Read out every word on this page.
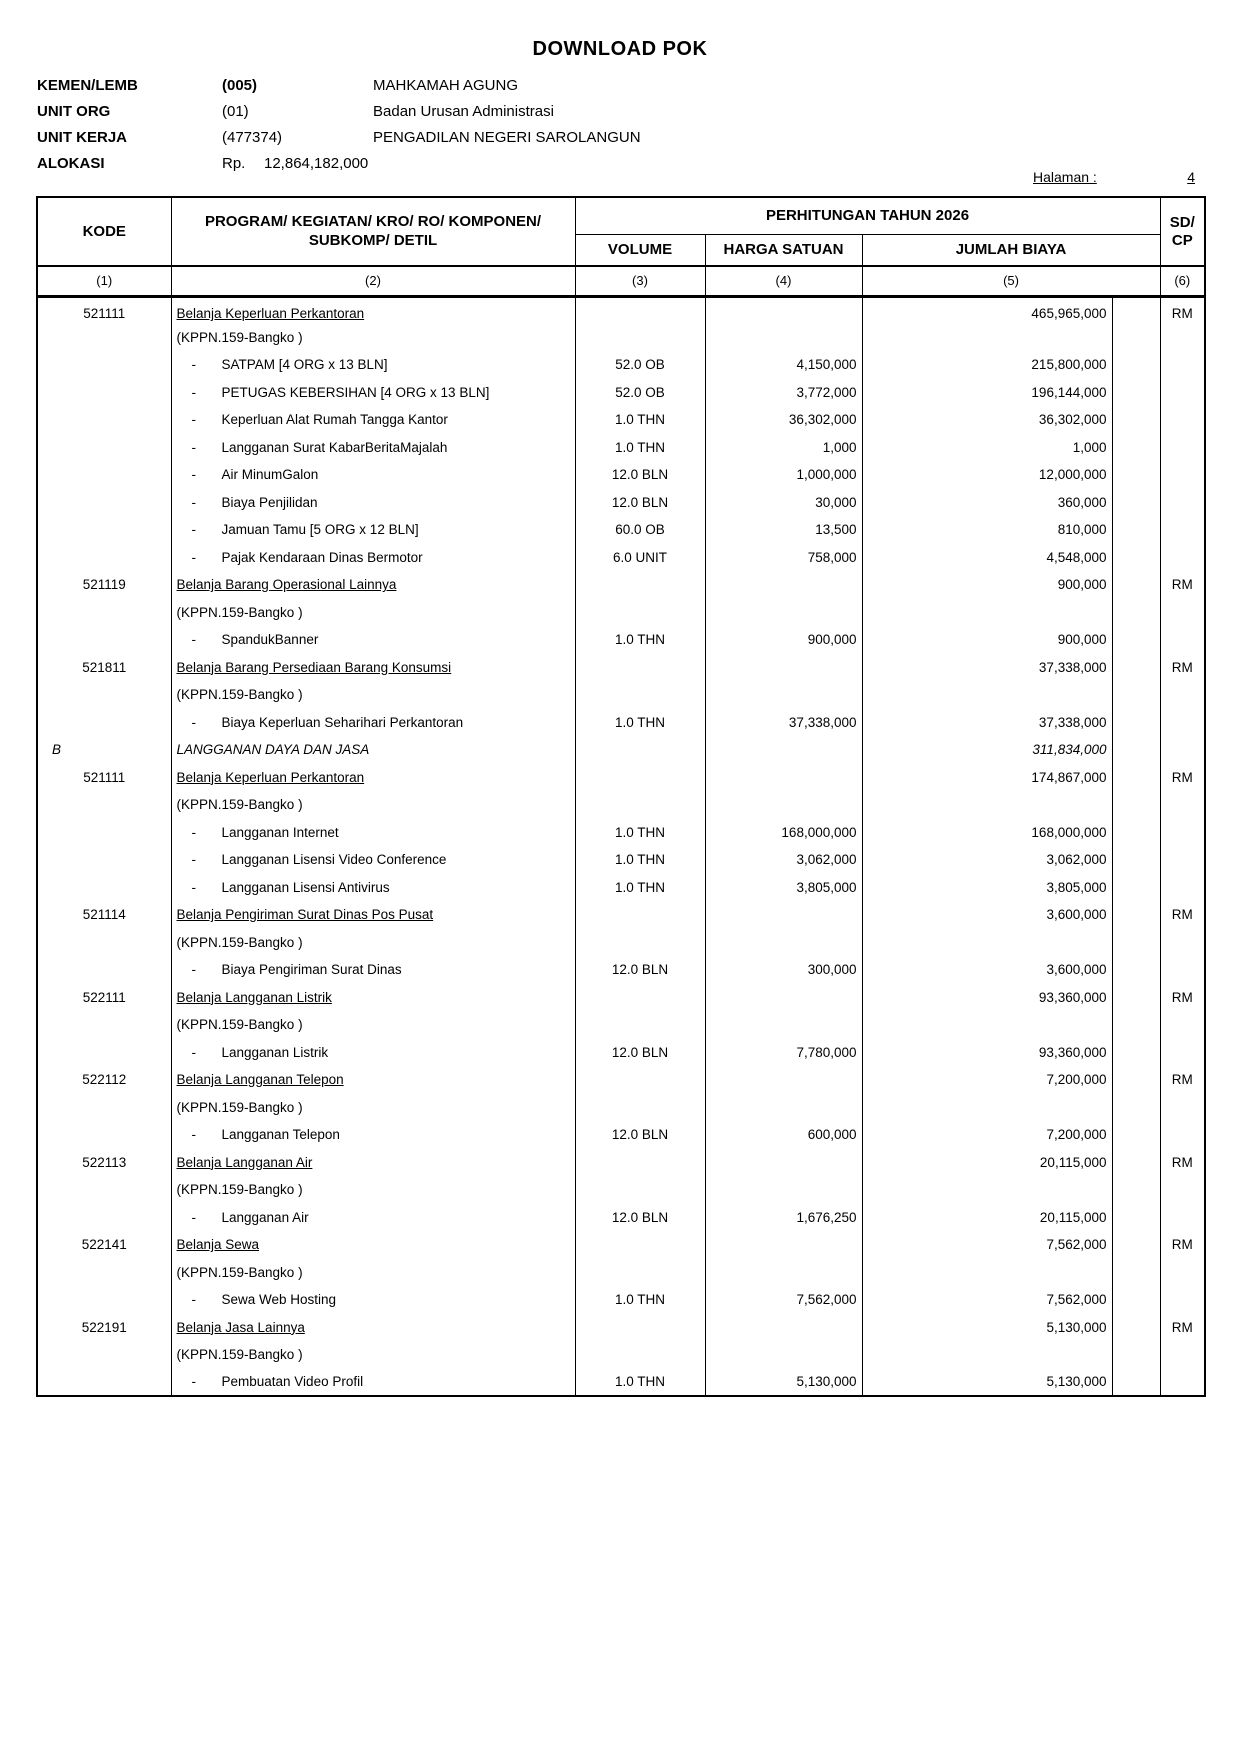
DOWNLOAD POK
KEMEN/LEMB	(005)	MAHKAMAH AGUNG
UNIT ORG	(01)	Badan Urusan Administrasi
UNIT KERJA	(477374)	PENGADILAN NEGERI SAROLANGUN
ALOKASI	Rp.	12,864,182,000
Halaman :	4
KODE	PROGRAM/ KEGIATAN/ KRO/ RO/ KOMPONEN/ SUBKOMP/ DETIL	PERHITUNGAN TAHUN 2026				SD/ CP
		VOLUME	HARGA SATUAN	JUMLAH BIAYA		
(1)	(2)	(3)	(4)	(5)		(6)
521111	Belanja Keperluan Perkantoran			465,965,000		RM
	(KPPN.159-Bangko )					
	- SATPAM [4 ORG x 13 BLN]	52.0 OB	4,150,000	215,800,000		
	- PETUGAS KEBERSIHAN [4 ORG x 13 BLN]	52.0 OB	3,772,000	196,144,000		
	- Keperluan Alat Rumah Tangga Kantor	1.0 THN	36,302,000	36,302,000		
	- Langganan Surat KabarBeritaMajalah	1.0 THN	1,000	1,000		
	- Air MinumGalon	12.0 BLN	1,000,000	12,000,000		
	- Biaya Penjilidan	12.0 BLN	30,000	360,000		
	- Jamuan Tamu [5 ORG x 12 BLN]	60.0 OB	13,500	810,000		
	- Pajak Kendaraan Dinas Bermotor	6.0 UNIT	758,000	4,548,000		
521119	Belanja Barang Operasional Lainnya			900,000		RM
	(KPPN.159-Bangko )					
	- SpandukBanner	1.0 THN	900,000	900,000		
521811	Belanja Barang Persediaan Barang Konsumsi			37,338,000		RM
	(KPPN.159-Bangko )					
	- Biaya Keperluan Seharihari Perkantoran	1.0 THN	37,338,000	37,338,000		
B	LANGGANAN DAYA DAN JASA			311,834,000		
521111	Belanja Keperluan Perkantoran			174,867,000		RM
	(KPPN.159-Bangko )					
	- Langganan Internet	1.0 THN	168,000,000	168,000,000		
	- Langganan Lisensi Video Conference	1.0 THN	3,062,000	3,062,000		
	- Langganan Lisensi Antivirus	1.0 THN	3,805,000	3,805,000		
521114	Belanja Pengiriman Surat Dinas Pos Pusat			3,600,000		RM
	(KPPN.159-Bangko )					
	- Biaya Pengiriman Surat Dinas	12.0 BLN	300,000	3,600,000		
522111	Belanja Langganan Listrik			93,360,000		RM
	(KPPN.159-Bangko )					
	- Langganan Listrik	12.0 BLN	7,780,000	93,360,000		
522112	Belanja Langganan Telepon			7,200,000		RM
	(KPPN.159-Bangko )					
	- Langganan Telepon	12.0 BLN	600,000	7,200,000		
522113	Belanja Langganan Air			20,115,000		RM
	(KPPN.159-Bangko )					
	- Langganan Air	12.0 BLN	1,676,250	20,115,000		
522141	Belanja Sewa			7,562,000		RM
	(KPPN.159-Bangko )					
	- Sewa Web Hosting	1.0 THN	7,562,000	7,562,000		
522191	Belanja Jasa Lainnya			5,130,000		RM
	(KPPN.159-Bangko )					
	- Pembuatan Video Profil	1.0 THN	5,130,000	5,130,000		
